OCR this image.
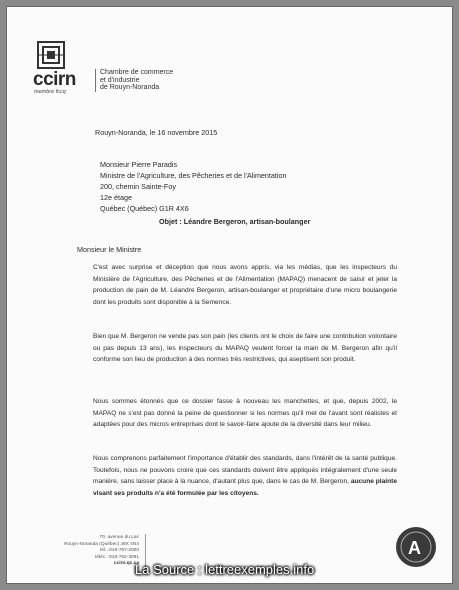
ccirn
membre fccq
Chambre de commerce
et d'industrie
de Rouyn-Noranda
Rouyn-Noranda, le 16 novembre 2015
Monsieur Pierre Paradis
Ministre de l'Agriculture, des Pêcheries et de l'Alimentation
200, chemin Sainte-Foy
12e étage
Québec (Québec) G1R 4X6
Objet : Léandre Bergeron, artisan-boulanger
Monsieur le Ministre
C'est avec surprise et déception que nous avons appris, via les médias, que les inspecteurs du Ministère de l'Agriculture, des Pêcheries et de l'Alimentation (MAPAQ) menacent de saisir et jeter la production de pain de M. Léandre Bergeron, artisan-boulanger et propriétaire d'une micro boulangerie dont les produits sont disponible à la Semence.
Bien que M. Bergeron ne vende pas son pain (les clients ont le choix de faire une contribution volontaire ou pas depuis 13 ans), les inspecteurs du MAPAQ veulent forcer la main de M. Bergeron afin qu'il conforme son lieu de production à des normes très restrictives, qui aseptisent son produit.
Nous sommes étonnés que ce dossier fasse à nouveau les manchettes, et que, depuis 2002, le MAPAQ ne s'est pas donné la peine de questionner si les normes qu'il met de l'avant sont réalistes et adaptées pour des micros entreprises dont le savoir-faire ajoute de la diversité dans leur milieu.
Nous comprenons parfaitement l'importance d'établir des standards, dans l'intérêt de la santé publique. Toutefois, nous ne pouvons croire que ces standards doivent être appliqués intégralement d'une seule manière, sans laisser place à la nuance, d'autant plus que, dans le cas de M. Bergeron, aucune plainte visant ses produits n'a été formulée par les citoyens.
70, avenue du Lac
Rouyn-Noranda (Québec) J9X 4N4
tél.: 819-797-2000
téléc.: 819-762-3091
ccirn.qc.ca
A
La Source : lettreexemples.info
